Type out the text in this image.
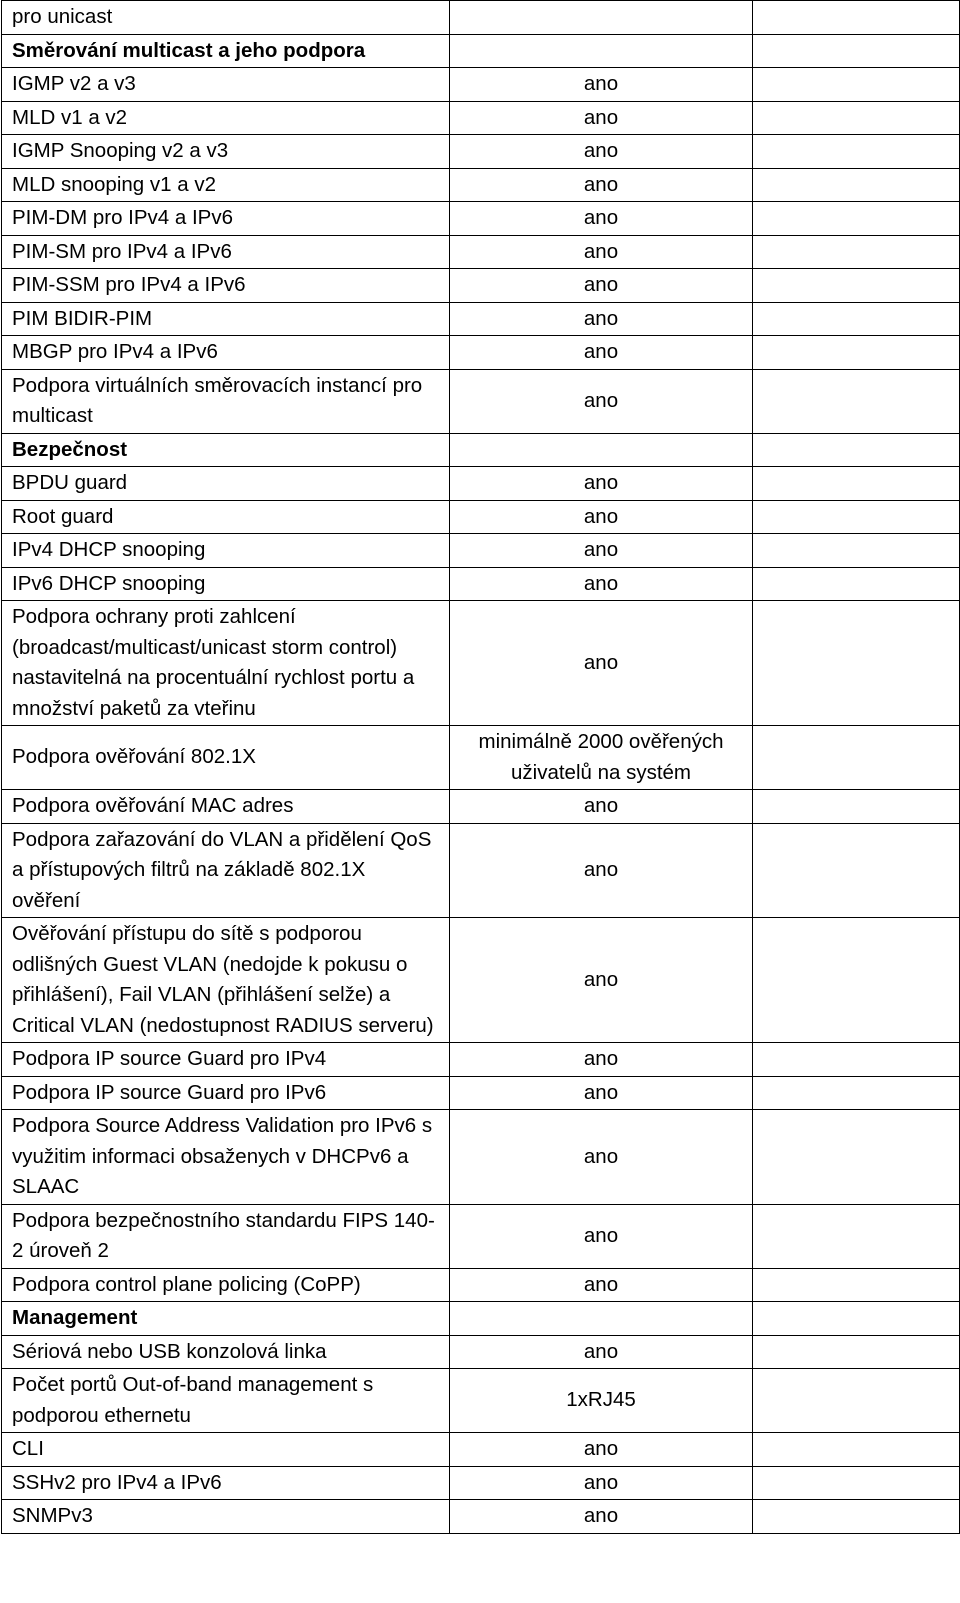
pro unicast		
Směrování multicast a jeho podpora		
IGMP v2 a v3	ano	
MLD v1 a v2	ano	
IGMP Snooping v2 a v3	ano	
MLD snooping v1 a v2	ano	
PIM-DM pro IPv4 a IPv6	ano	
PIM-SM pro IPv4 a IPv6	ano	
PIM-SSM pro IPv4 a IPv6	ano	
PIM BIDIR-PIM	ano	
MBGP pro IPv4 a IPv6	ano	
Podpora virtuálních směrovacích instancí pro multicast	ano	
Bezpečnost		
BPDU guard	ano	
Root guard	ano	
IPv4 DHCP snooping	ano	
IPv6 DHCP snooping	ano	
Podpora ochrany proti zahlcení (broadcast/multicast/unicast storm control) nastavitelná na procentuální rychlost portu a množství paketů za vteřinu	ano	
Podpora ověřování 802.1X	minimálně 2000 ověřených uživatelů na systém	
Podpora ověřování MAC adres	ano	
Podpora zařazování do VLAN a přidělení QoS a přístupových filtrů na základě 802.1X ověření	ano	
Ověřování přístupu do sítě s podporou odlišných Guest VLAN (nedojde k pokusu o přihlášení), Fail VLAN (přihlášení selže) a Critical VLAN (nedostupnost RADIUS serveru)	ano	
Podpora IP source Guard pro IPv4	ano	
Podpora IP source Guard pro IPv6	ano	
Podpora Source Address Validation pro IPv6 s využitim informaci obsaženych v DHCPv6 a SLAAC	ano	
Podpora bezpečnostního standardu FIPS 140-2 úroveň 2	ano	
Podpora control plane policing (CoPP)	ano	
Management		
Sériová nebo USB konzolová linka	ano	
Počet portů Out-of-band management s podporou ethernetu	1xRJ45	
CLI	ano	
SSHv2 pro IPv4 a IPv6	ano	
SNMPv3	ano	
